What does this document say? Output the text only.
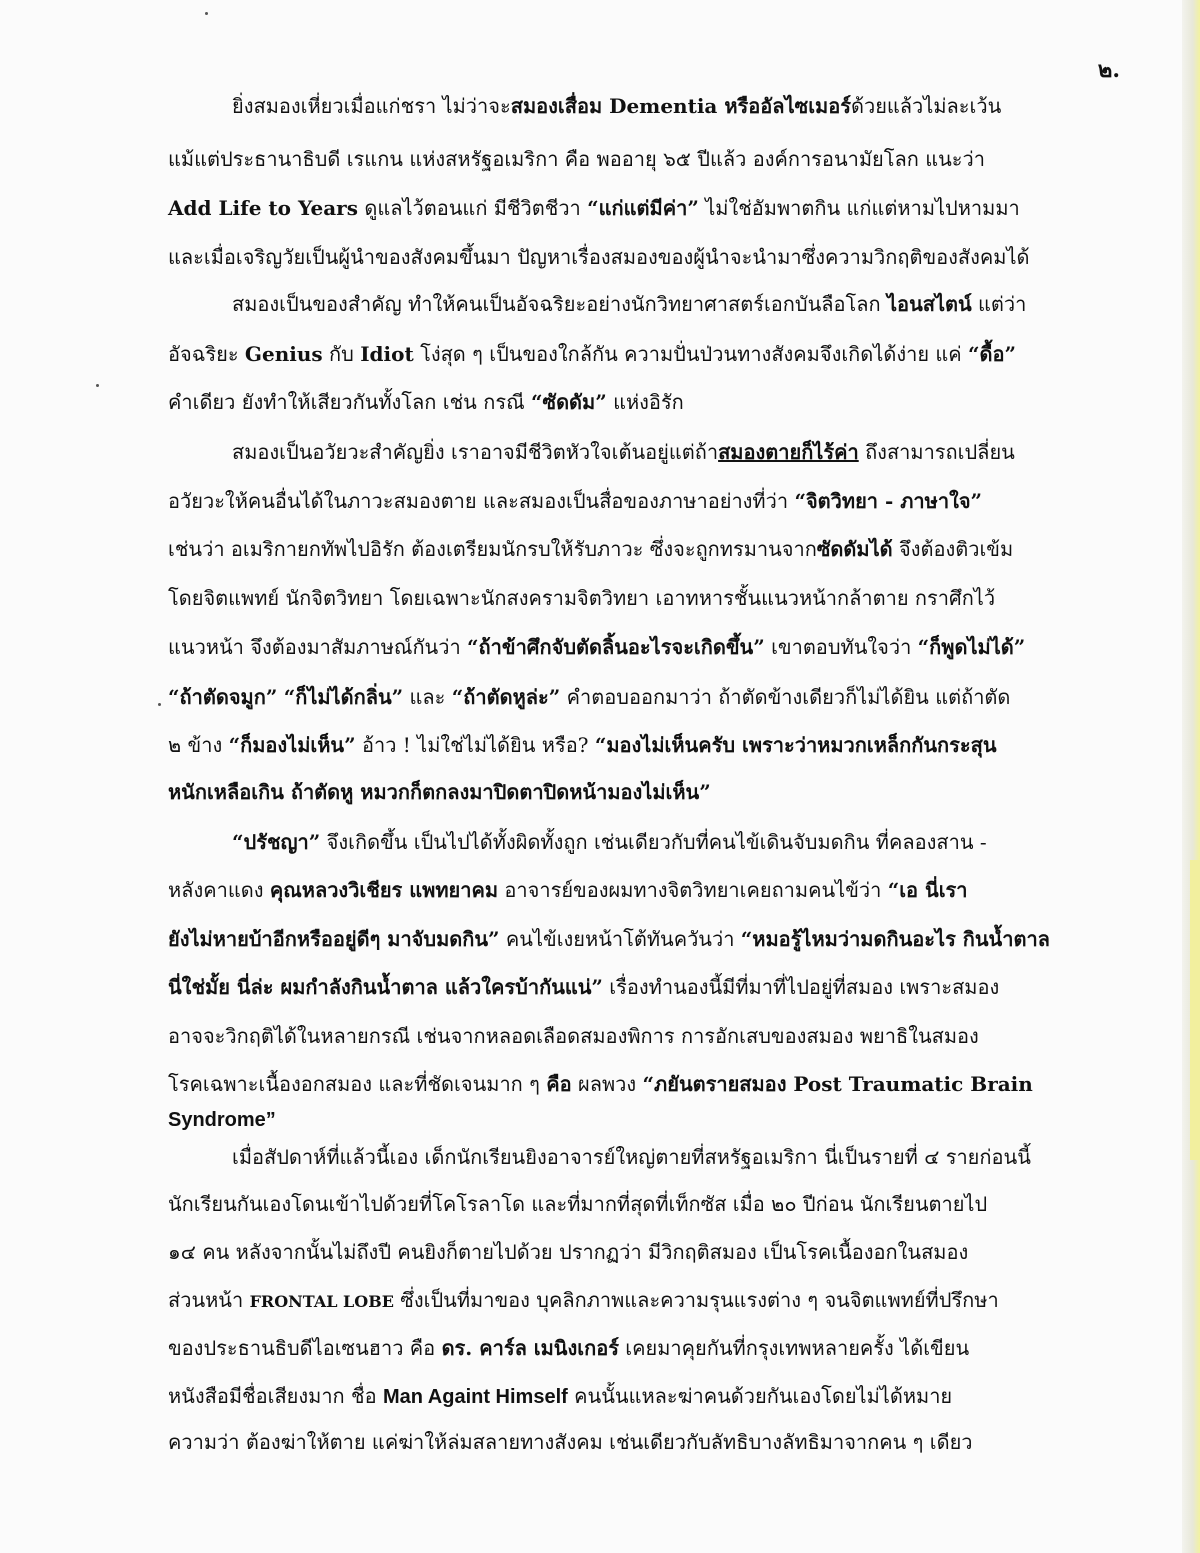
๒.
ยิ่งสมองเหี่ยวเมื่อแก่ชรา ไม่ว่าจะสมองเสื่อม Dementia หรืออัลไซเมอร์ด้วยแล้วไม่ละเว้น
แม้แต่ประธานาธิบดี เรแกน แห่งสหรัฐอเมริกา คือ พออายุ ๖๕ ปีแล้ว องค์การอนามัยโลก แนะว่า
Add Life to Years ดูแลไว้ตอนแก่ มีชีวิตชีวา “แก่แต่มีค่า” ไม่ใช่อัมพาตกิน แก่แต่หามไปหามมา
และเมื่อเจริญวัยเป็นผู้นำของสังคมขึ้นมา ปัญหาเรื่องสมองของผู้นำจะนำมาซึ่งความวิกฤติของสังคมได้
สมองเป็นของสำคัญ ทำให้คนเป็นอัจฉริยะอย่างนักวิทยาศาสตร์เอกบันลือโลก ไอนสไตน์ แต่ว่า
อัจฉริยะ Genius กับ Idiot โง่สุด ๆ เป็นของใกล้กัน ความปั่นป่วนทางสังคมจึงเกิดได้ง่าย แค่ “ดื้อ”
คำเดียว ยังทำให้เสียวกันทั้งโลก เช่น กรณี “ซัดดัม” แห่งอิรัก
สมองเป็นอวัยวะสำคัญยิ่ง เราอาจมีชีวิตหัวใจเต้นอยู่แต่ถ้าสมองตายก็ไร้ค่า ถึงสามารถเปลี่ยน
อวัยวะให้คนอื่นได้ในภาวะสมองตาย และสมองเป็นสื่อของภาษาอย่างที่ว่า “จิตวิทยา - ภาษาใจ”
เช่นว่า อเมริกายกทัพไปอิรัก ต้องเตรียมนักรบให้รับภาวะ ซึ่งจะถูกทรมานจากซัดดัมได้ จึงต้องติวเข้ม
โดยจิตแพทย์ นักจิตวิทยา โดยเฉพาะนักสงครามจิตวิทยา เอาทหารชั้นแนวหน้ากล้าตาย กราศึกไว้
แนวหน้า จึงต้องมาสัมภาษณ์กันว่า “ถ้าข้าศึกจับตัดลิ้นอะไรจะเกิดขึ้น” เขาตอบทันใจว่า “ก็พูดไม่ได้”
“ถ้าตัดจมูก” “ก็ไม่ได้กลิ่น” และ “ถ้าตัดหูล่ะ” คำตอบออกมาว่า ถ้าตัดข้างเดียวก็ไม่ได้ยิน แต่ถ้าตัด
๒ ข้าง “ก็มองไม่เห็น” อ้าว ! ไม่ใช่ไม่ได้ยิน หรือ? “มองไม่เห็นครับ เพราะว่าหมวกเหล็กกันกระสุน
หนักเหลือเกิน ถ้าตัดหู หมวกก็ตกลงมาปิดตาปิดหน้ามองไม่เห็น”
“ปรัชญา” จึงเกิดขึ้น เป็นไปได้ทั้งผิดทั้งถูก เช่นเดียวกับที่คนไข้เดินจับมดกิน ที่คลองสาน -
หลังคาแดง คุณหลวงวิเชียร แพทยาคม อาจารย์ของผมทางจิตวิทยาเคยถามคนไข้ว่า “เอ นี่เรา
ยังไม่หายบ้าอีกหรืออยู่ดีๆ มาจับมดกิน” คนไข้เงยหน้าโต้ทันควันว่า “หมอรู้ไหมว่ามดกินอะไร กินน้ำตาล
นี่ใช่มั้ย นี่ล่ะ ผมกำลังกินน้ำตาล แล้วใครบ้ากันแน่” เรื่องทำนองนี้มีที่มาที่ไปอยู่ที่สมอง เพราะสมอง
อาจจะวิกฤติได้ในหลายกรณี เช่นจากหลอดเลือดสมองพิการ การอักเสบของสมอง พยาธิในสมอง
โรคเฉพาะเนื้องอกสมอง และที่ชัดเจนมาก ๆ คือ ผลพวง “ภยันตรายสมอง Post Traumatic Brain
Syndrome”
เมื่อสัปดาห์ที่แล้วนี้เอง เด็กนักเรียนยิงอาจารย์ใหญ่ตายที่สหรัฐอเมริกา นี่เป็นรายที่ ๔ รายก่อนนี้
นักเรียนกันเองโดนเข้าไปด้วยที่โคโรลาโด และที่มากที่สุดที่เท็กซัส เมื่อ ๒๐ ปีก่อน นักเรียนตายไป
๑๔ คน หลังจากนั้นไม่ถึงปี คนยิงก็ตายไปด้วย ปรากฏว่า มีวิกฤติสมอง เป็นโรคเนื้องอกในสมอง
ส่วนหน้า FRONTAL LOBE ซึ่งเป็นที่มาของ บุคลิกภาพและความรุนแรงต่าง ๆ จนจิตแพทย์ที่ปรึกษา
ของประธานธิบดีไอเซนฮาว คือ ดร. คาร์ล เมนิงเกอร์ เคยมาคุยกันที่กรุงเทพหลายครั้ง ได้เขียน
หนังสือมีชื่อเสียงมาก ชื่อ Man Againt Himself คนนั้นแหละฆ่าคนด้วยกันเองโดยไม่ได้หมาย
ความว่า ต้องฆ่าให้ตาย แค่ฆ่าให้ล่มสลายทางสังคม เช่นเดียวกับลัทธิบางลัทธิมาจากคน ๆ เดียว
